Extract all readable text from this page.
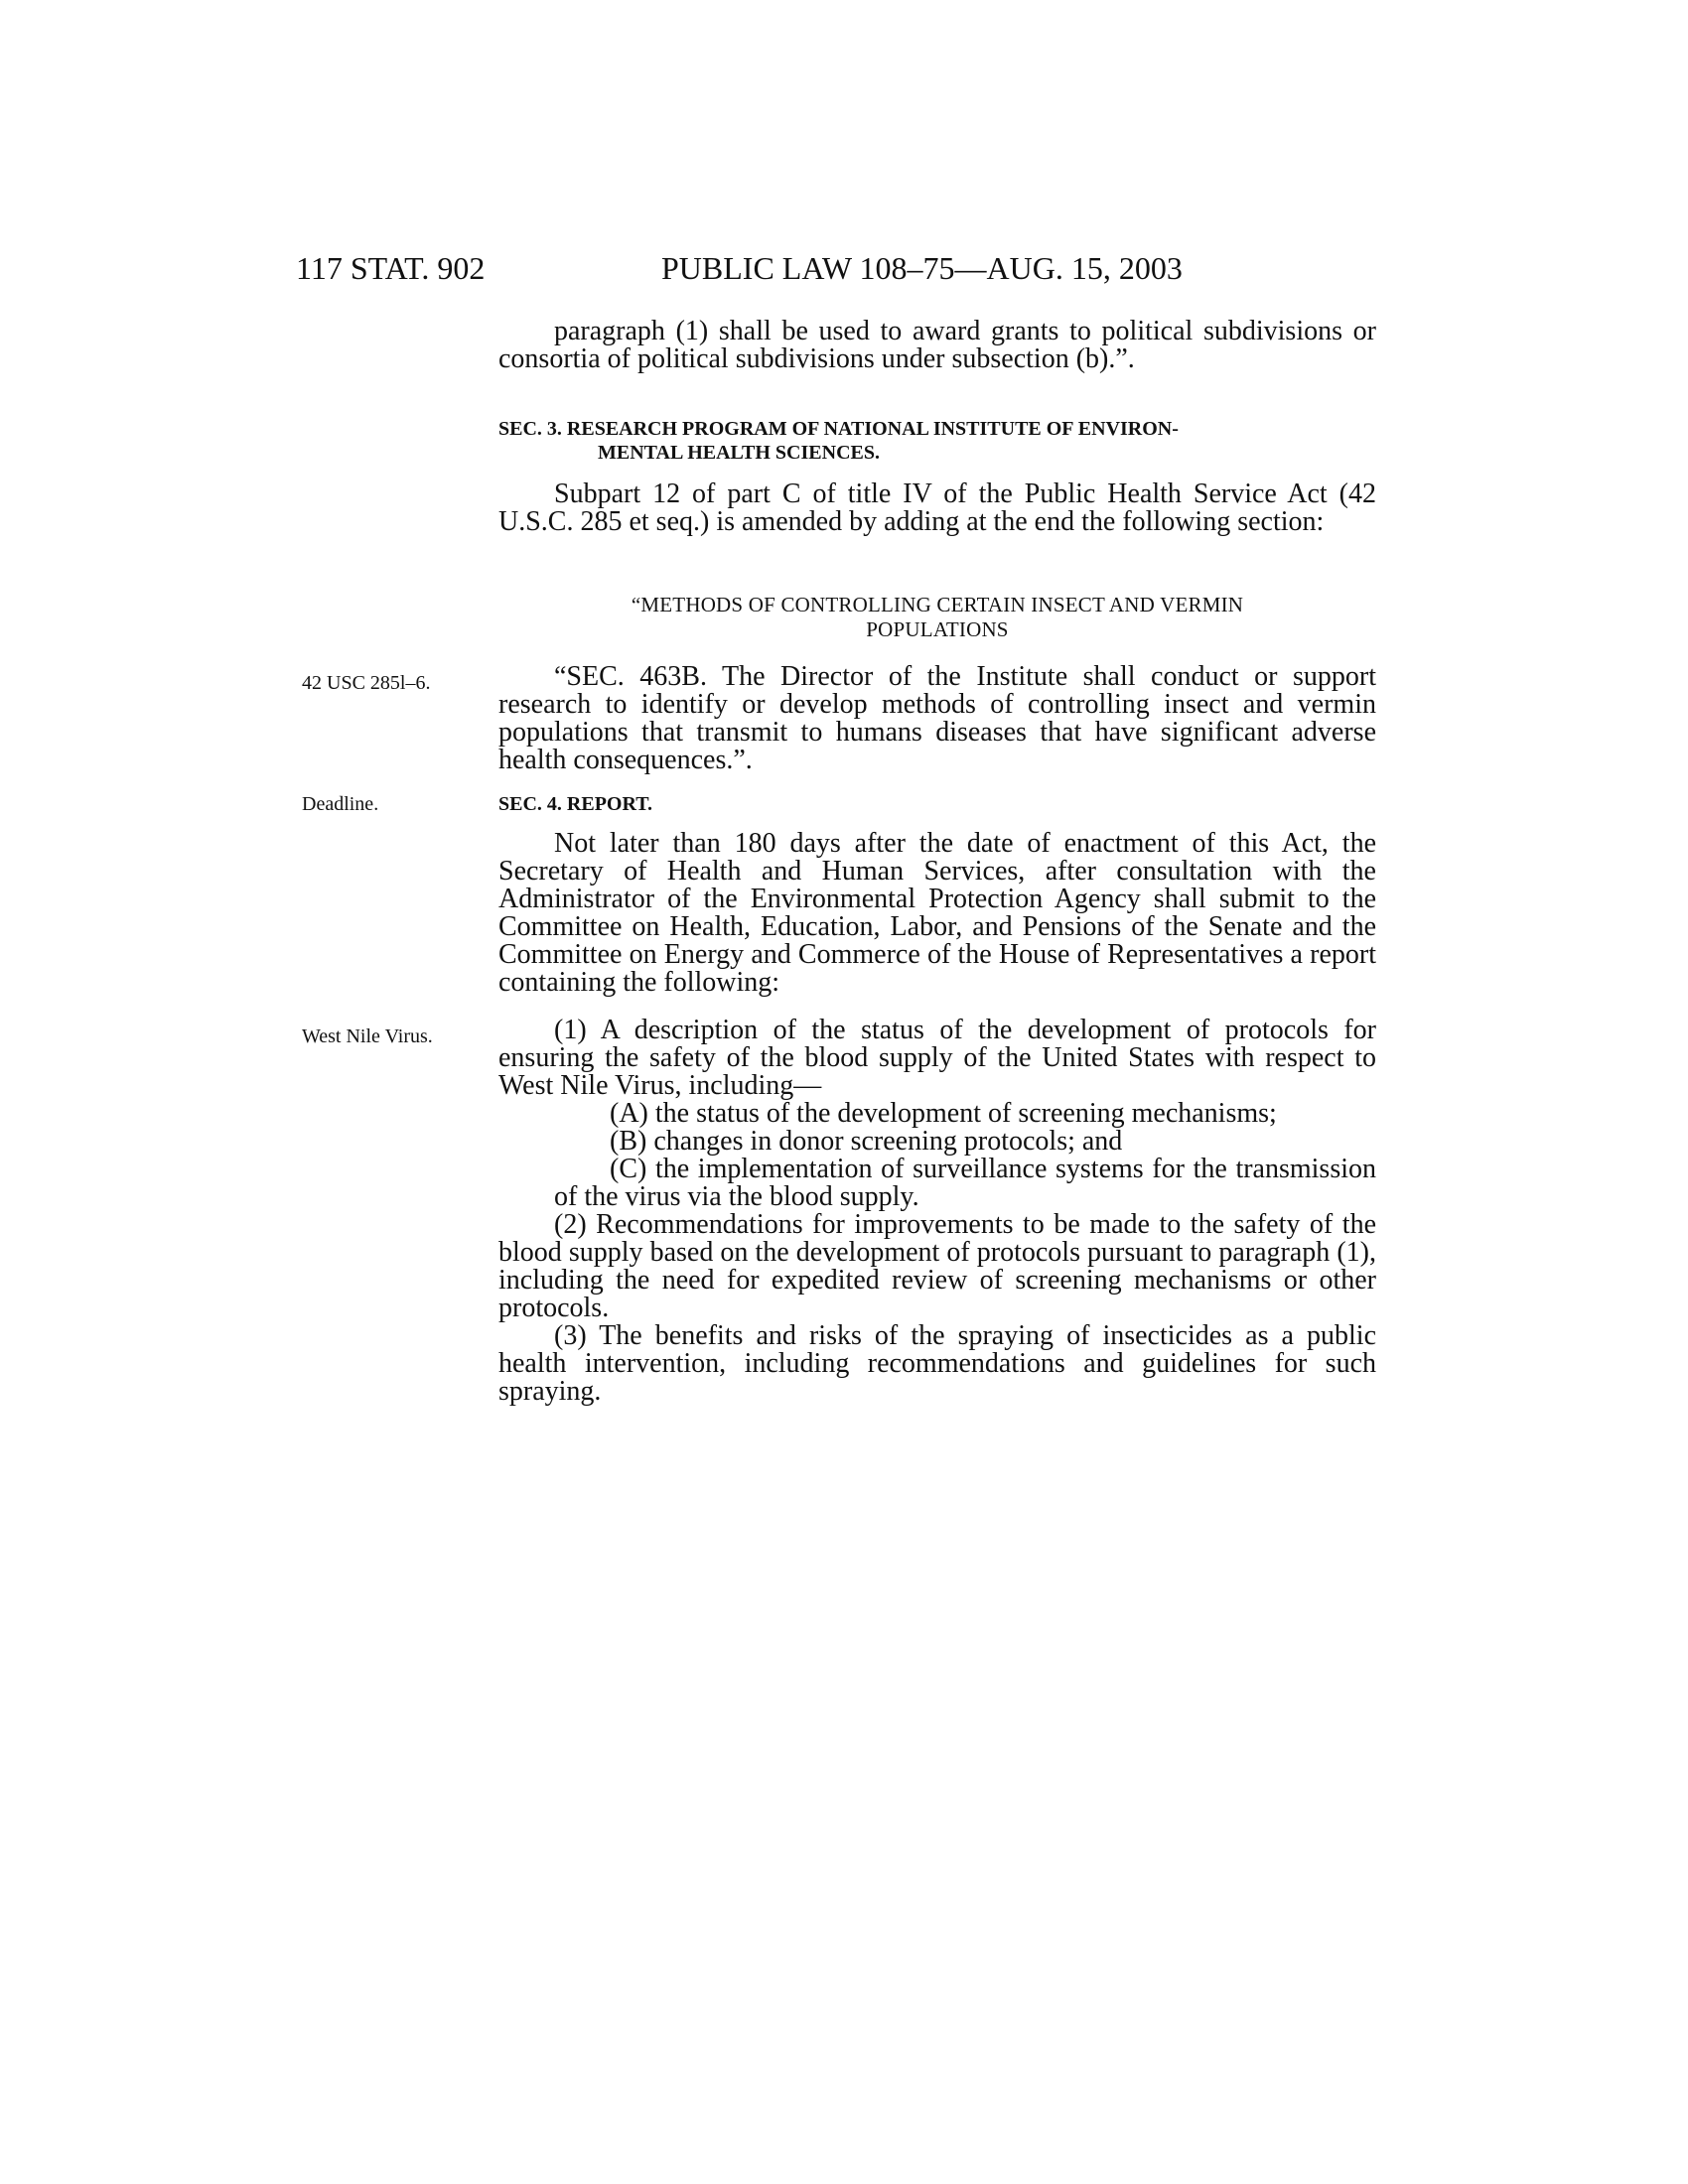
117 STAT. 902	PUBLIC LAW 108–75—AUG. 15, 2003

paragraph (1) shall be used to award grants to political subdivisions or consortia of political subdivisions under subsection (b).”.

SEC. 3. RESEARCH PROGRAM OF NATIONAL INSTITUTE OF ENVIRON-
MENTAL HEALTH SCIENCES.

Subpart 12 of part C of title IV of the Public Health Service Act (42 U.S.C. 285 et seq.) is amended by adding at the end the following section:

“METHODS OF CONTROLLING CERTAIN INSECT AND VERMIN
POPULATIONS
42 USC 285l–6.	“SEC. 463B. The Director of the Institute shall conduct or support research to identify or develop methods of controlling insect and vermin populations that transmit to humans diseases that have significant adverse health consequences.”.

Deadline.	SEC. 4. REPORT.

Not later than 180 days after the date of enactment of this Act, the Secretary of Health and Human Services, after consultation with the Administrator of the Environmental Protection Agency shall submit to the Committee on Health, Education, Labor, and Pensions of the Senate and the Committee on Energy and Commerce of the House of Representatives a report containing the following:

West Nile Virus.	(1) A description of the status of the development of protocols for ensuring the safety of the blood supply of the United States with respect to West Nile Virus, including—

(A) the status of the development of screening mechanisms;

(B) changes in donor screening protocols; and

(C) the implementation of surveillance systems for the transmission of the virus via the blood supply.

(2) Recommendations for improvements to be made to the safety of the blood supply based on the development of protocols pursuant to paragraph (1), including the need for expedited review of screening mechanisms or other protocols.

(3) The benefits and risks of the spraying of insecticides as a public health intervention, including recommendations and guidelines for such spraying.
